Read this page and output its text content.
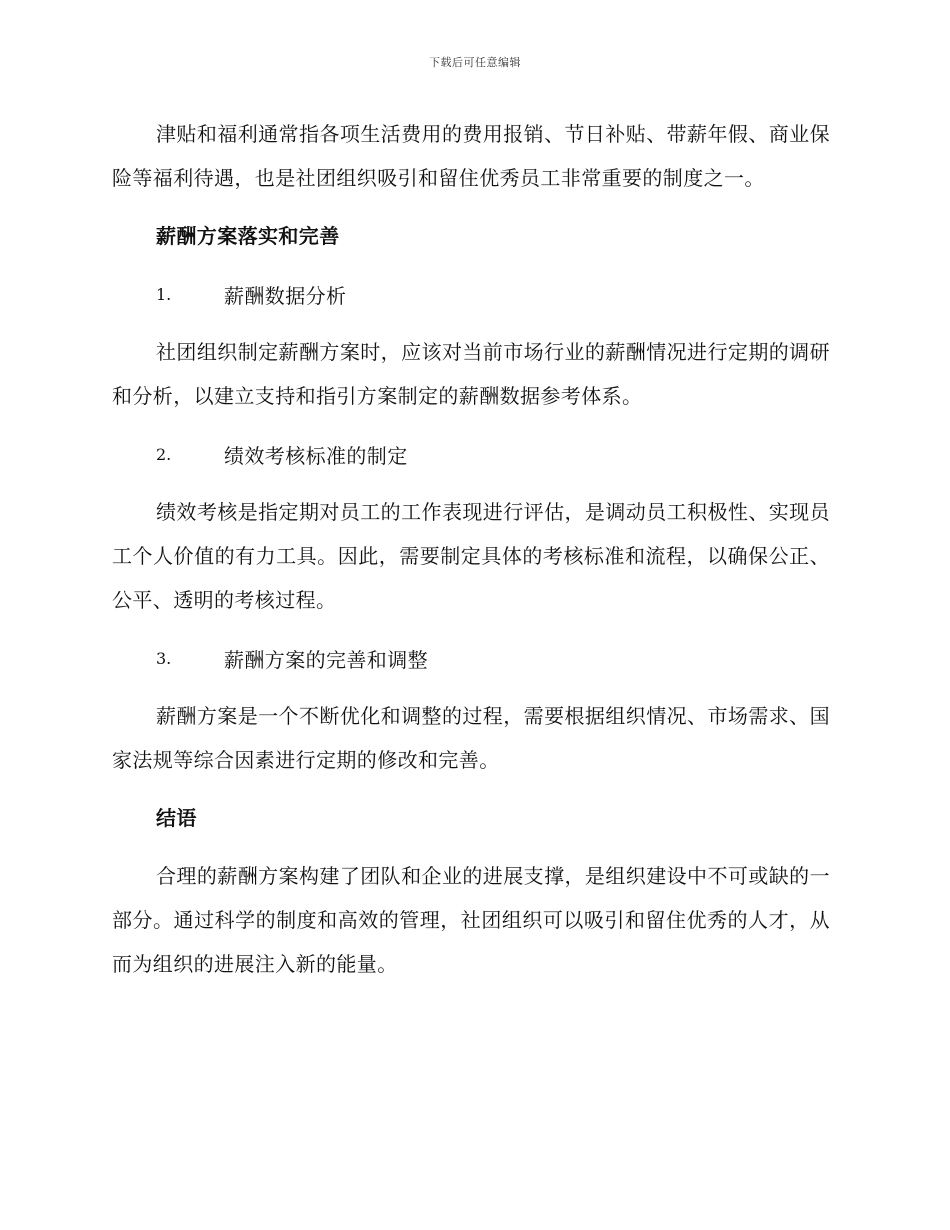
下载后可任意编辑

津贴和福利通常指各项生活费用的费用报销、节日补贴、带薪年假、商业保险等福利待遇，也是社团组织吸引和留住优秀员工非常重要的制度之一。

薪酬方案落实和完善
1.	薪酬数据分析

社团组织制定薪酬方案时，应该对当前市场行业的薪酬情况进行定期的调研和分析，以建立支持和指引方案制定的薪酬数据参考体系。

2.	绩效考核标准的制定

绩效考核是指定期对员工的工作表现进行评估，是调动员工积极性、实现员工个人价值的有力工具。因此，需要制定具体的考核标准和流程，以确保公正、公平、透明的考核过程。

3.	薪酬方案的完善和调整

薪酬方案是一个不断优化和调整的过程，需要根据组织情况、市场需求、国家法规等综合因素进行定期的修改和完善。

结语

合理的薪酬方案构建了团队和企业的进展支撑，是组织建设中不可或缺的一部分。通过科学的制度和高效的管理，社团组织可以吸引和留住优秀的人才，从而为组织的进展注入新的能量。
